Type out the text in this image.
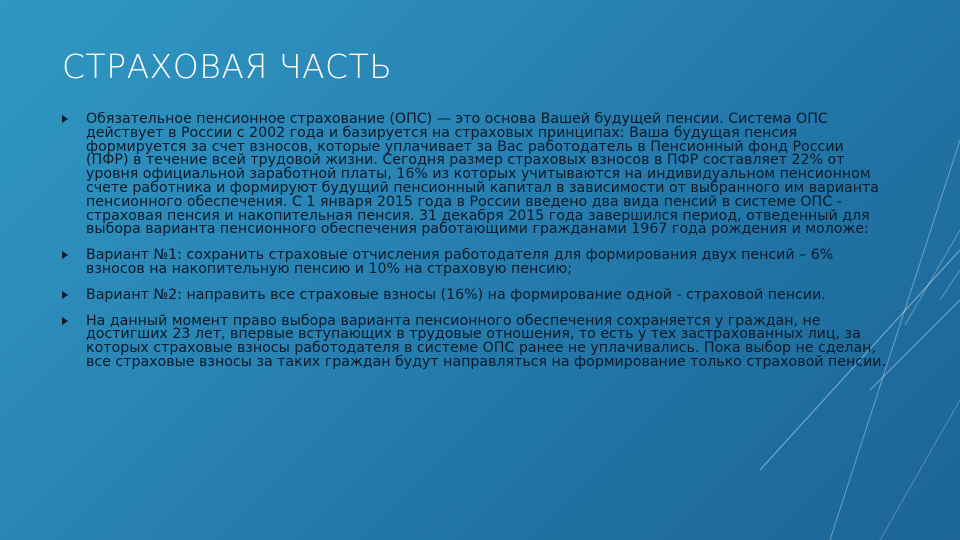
СТРАХОВАЯ ЧАСТЬ
Обязательное пенсионное страхование (ОПС) — это основа Вашей будущей пенсии. Система ОПС действует в России с 2002 года и базируется на страховых принципах: Ваша будущая пенсия формируется за счет взносов, которые уплачивает за Вас работодатель в Пенсионный фонд России (ПФР) в течение всей трудовой жизни. Сегодня размер страховых взносов в ПФР составляет 22% от уровня официальной заработной платы, 16% из которых учитываются на индивидуальном пенсионном счете работника и формируют будущий пенсионный капитал в зависимости от выбранного им варианта пенсионного обеспечения. С 1 января 2015 года в России введено два вида пенсий в системе ОПС - страховая пенсия и накопительная пенсия. 31 декабря 2015 года завершился период, отведенный для выбора варианта пенсионного обеспечения работающими гражданами 1967 года рождения и моложе:
Вариант №1: сохранить страховые отчисления работодателя для формирования двух пенсий – 6% взносов на накопительную пенсию и 10% на страховую пенсию;
Вариант №2: направить все страховые взносы (16%) на формирование одной - страховой пенсии.
На данный момент право выбора варианта пенсионного обеспечения сохраняется у граждан, не достигших 23 лет, впервые вступающих в трудовые отношения, то есть у тех застрахованных лиц, за которых страховые взносы работодателя в системе ОПС ранее не уплачивались. Пока выбор не сделан, все страховые взносы за таких граждан будут направляться на формирование только страховой пенсии.
